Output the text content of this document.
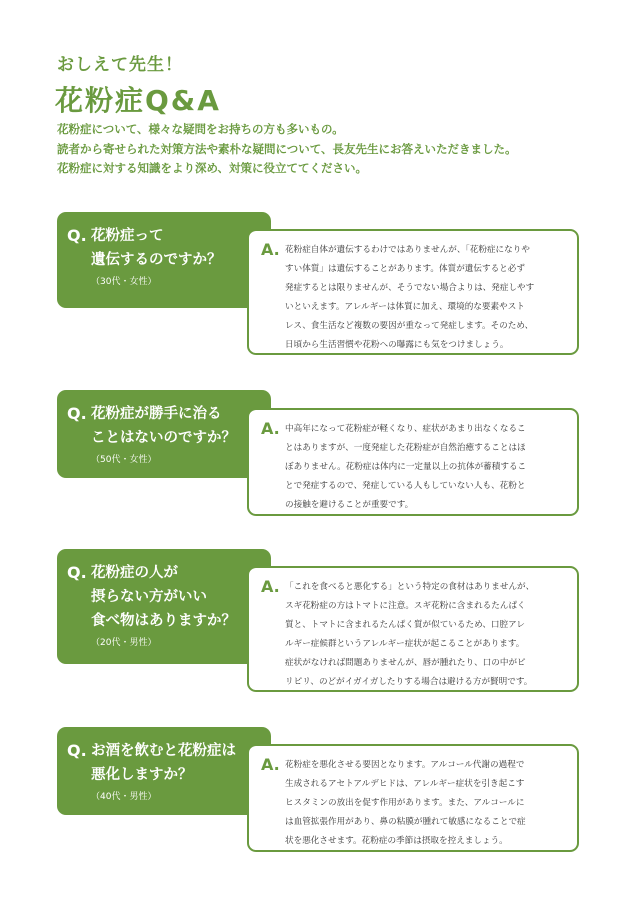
おしえて先生！
花粉症Q&A
花粉症について、様々な疑問をお持ちの方も多いもの。
読者から寄せられた対策方法や素朴な疑問について、長友先生にお答えいただきました。
花粉症に対する知識をより深め、対策に役立ててください。
Q. 花粉症って
遺伝するのですか？
（30代・女性）
A. 花粉症自体が遺伝するわけではありませんが、「花粉症になりや
すい体質」は遺伝することがあります。体質が遺伝すると必ず
発症するとは限りませんが、そうでない場合よりは、発症しやす
いといえます。アレルギーは体質に加え、環境的な要素やスト
レス、食生活など複数の要因が重なって発症します。そのため、
日頃から生活習慣や花粉への曝露にも気をつけましょう。
Q. 花粉症が勝手に治る
ことはないのですか？
（50代・女性）
A. 中高年になって花粉症が軽くなり、症状があまり出なくなるこ
とはありますが、一度発症した花粉症が自然治癒することはほ
ぼありません。花粉症は体内に一定量以上の抗体が蓄積するこ
とで発症するので、発症している人もしていない人も、花粉と
の接触を避けることが重要です。
Q. 花粉症の人が
摂らない方がいい
食べ物はありますか？
（20代・男性）
A. 「これを食べると悪化する」という特定の食材はありませんが、
スギ花粉症の方はトマトに注意。スギ花粉に含まれるたんぱく
質と、トマトに含まれるたんぱく質が似ているため、口腔アレ
ルギー症候群というアレルギー症状が起こることがあります。
症状がなければ問題ありませんが、唇が腫れたり、口の中がピ
リピリ、のどがイガイガしたりする場合は避ける方が賢明です。
Q. お酒を飲むと花粉症は
悪化しますか？
（40代・男性）
A. 花粉症を悪化させる要因となります。アルコール代謝の過程で
生成されるアセトアルデヒドは、アレルギー症状を引き起こす
ヒスタミンの放出を促す作用があります。また、アルコールに
は血管拡張作用があり、鼻の粘膜が腫れて敏感になることで症
状を悪化させます。花粉症の季節は摂取を控えましょう。
